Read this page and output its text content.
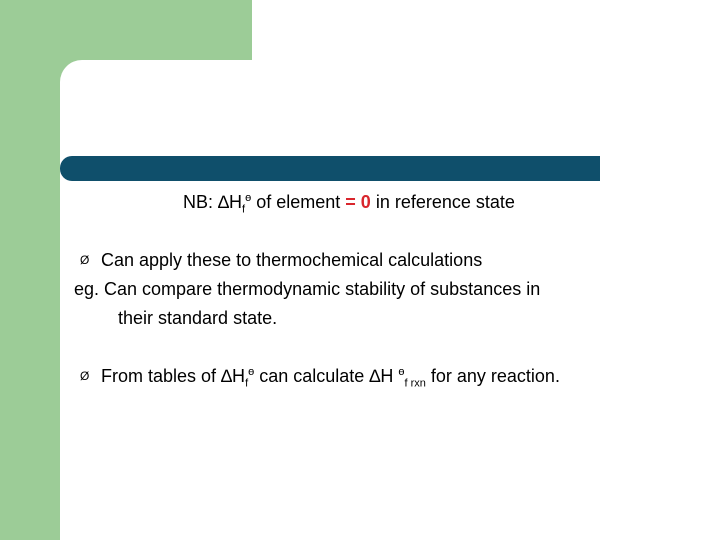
NB: $\Delta H_f^ө$ of element = 0 in reference state
Ø Can apply these to thermochemical calculations
eg. Can compare thermodynamic stability of substances in
their standard state.
Ø From tables of $\Delta H_f^ө$ can calculate ∆H $^ө_{f rxn}$ for any reaction.
